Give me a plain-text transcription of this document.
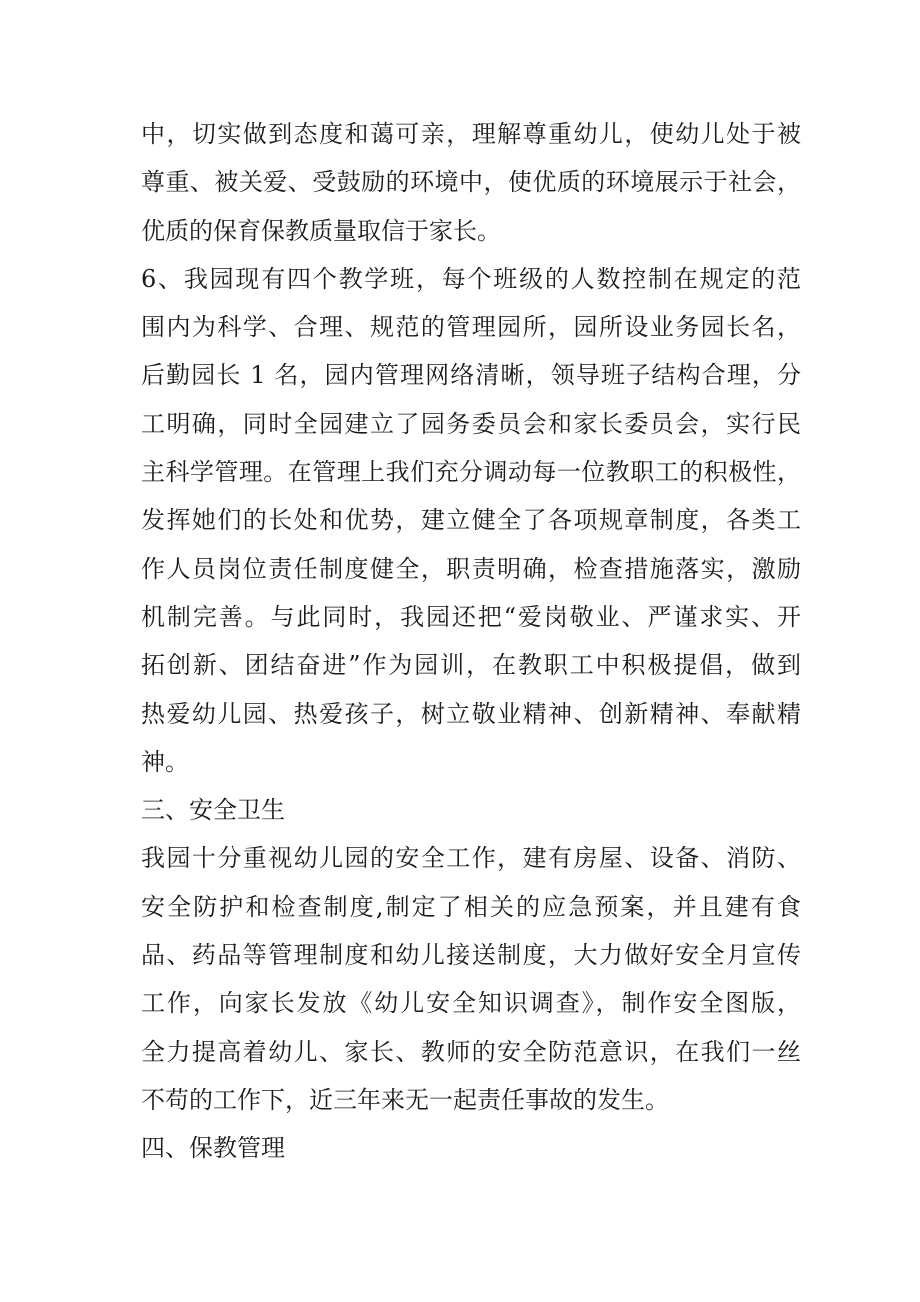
中，切实做到态度和蔼可亲，理解尊重幼儿，使幼儿处于被
尊重、被关爱、受鼓励的环境中，使优质的环境展示于社会，
优质的保育保教质量取信于家长。
6、我园现有四个教学班，每个班级的人数控制在规定的范
围内为科学、合理、规范的管理园所，园所设业务园长名，
后勤园长 1 名，园内管理网络清晰，领导班子结构合理，分
工明确，同时全园建立了园务委员会和家长委员会，实行民
主科学管理。在管理上我们充分调动每一位教职工的积极性，
发挥她们的长处和优势，建立健全了各项规章制度，各类工
作人员岗位责任制度健全，职责明确，检查措施落实，激励
机制完善。与此同时，我园还把“爱岗敬业、严谨求实、开
拓创新、团结奋进”作为园训，在教职工中积极提倡，做到
热爱幼儿园、热爱孩子，树立敬业精神、创新精神、奉献精
神。
三、安全卫生
我园十分重视幼儿园的安全工作，建有房屋、设备、消防、
安全防护和检查制度,制定了相关的应急预案，并且建有食
品、药品等管理制度和幼儿接送制度，大力做好安全月宣传
工作，向家长发放《幼儿安全知识调查》，制作安全图版，
全力提高着幼儿、家长、教师的安全防范意识，在我们一丝
不苟的工作下，近三年来无一起责任事故的发生。
四、保教管理
